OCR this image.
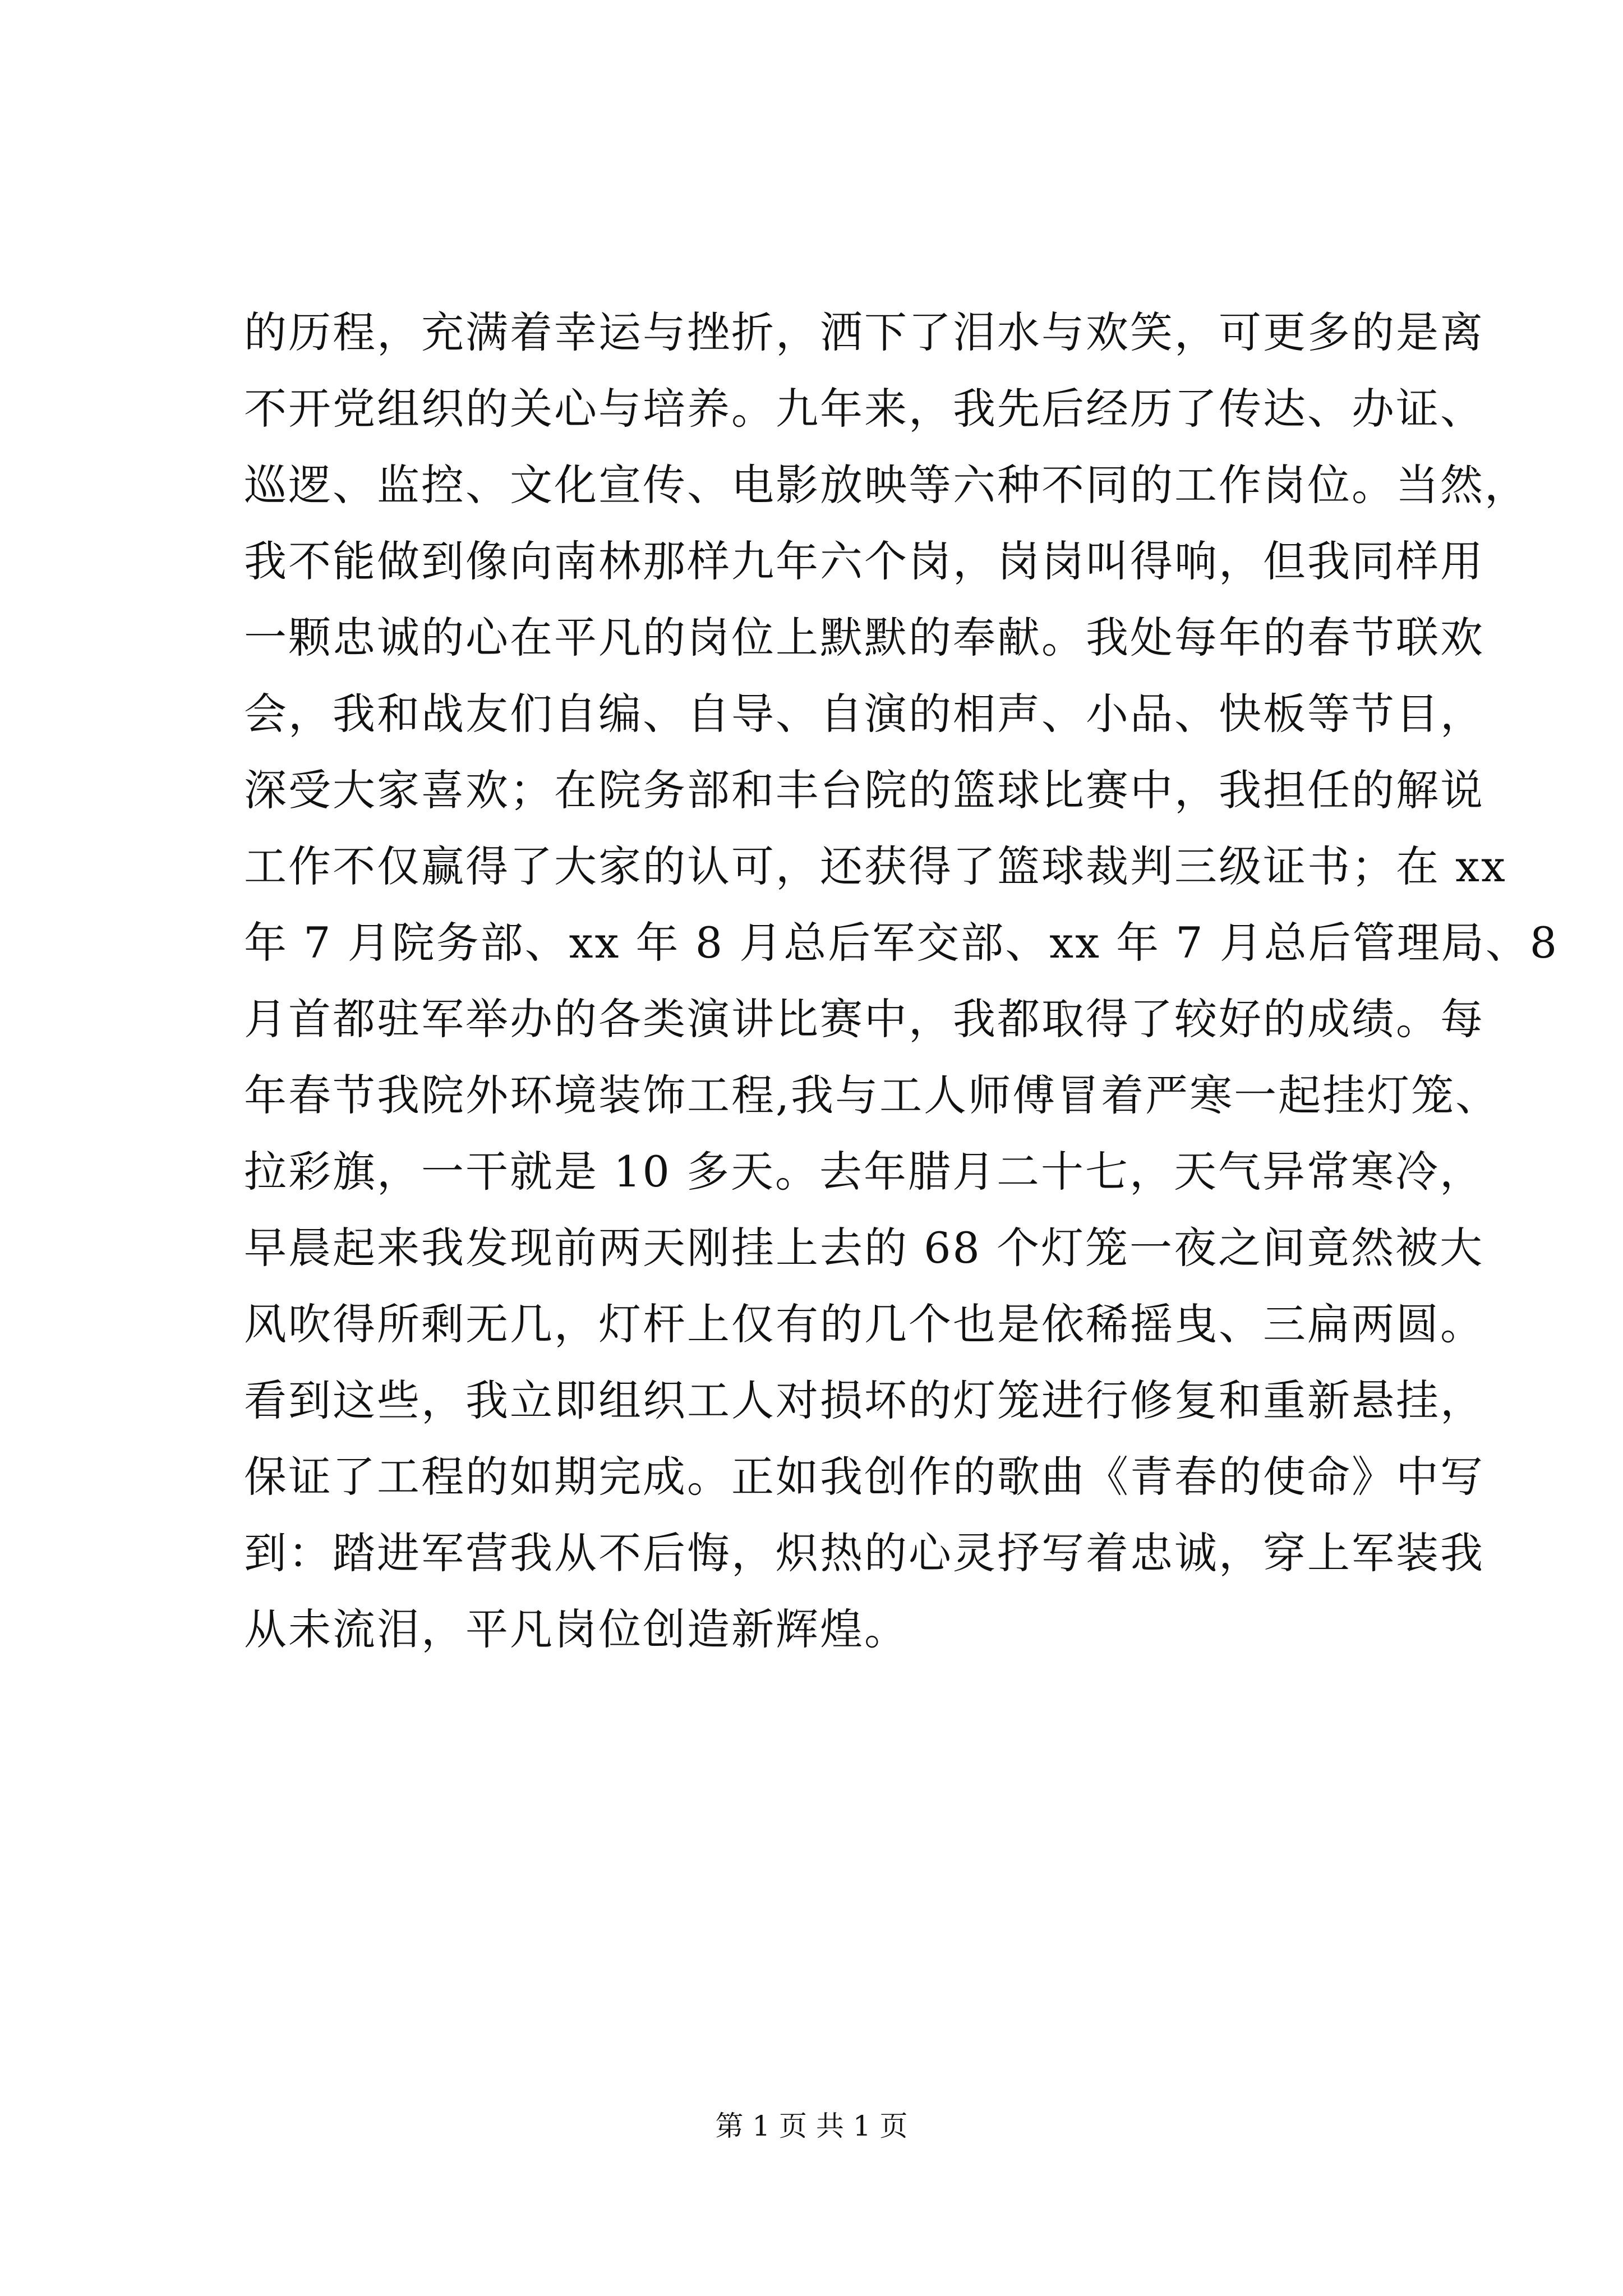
的历程，充满着幸运与挫折，洒下了泪水与欢笑，可更多的是离
不开党组织的关心与培养。九年来，我先后经历了传达、办证、
巡逻、监控、文化宣传、电影放映等六种不同的工作岗位。当然，
我不能做到像向南林那样九年六个岗，岗岗叫得响，但我同样用
一颗忠诚的心在平凡的岗位上默默的奉献。我处每年的春节联欢
会，我和战友们自编、自导、自演的相声、小品、快板等节目，
深受大家喜欢；在院务部和丰台院的篮球比赛中，我担任的解说
工作不仅赢得了大家的认可，还获得了篮球裁判三级证书；在 xx
年 7 月院务部、xx 年 8 月总后军交部、xx 年 7 月总后管理局、8
月首都驻军举办的各类演讲比赛中，我都取得了较好的成绩。每
年春节我院外环境装饰工程,我与工人师傅冒着严寒一起挂灯笼、
拉彩旗，一干就是 10 多天。去年腊月二十七，天气异常寒冷，
早晨起来我发现前两天刚挂上去的 68 个灯笼一夜之间竟然被大
风吹得所剩无几，灯杆上仅有的几个也是依稀摇曳、三扁两圆。
看到这些，我立即组织工人对损坏的灯笼进行修复和重新悬挂，
保证了工程的如期完成。正如我创作的歌曲《青春的使命》中写
到：踏进军营我从不后悔，炽热的心灵抒写着忠诚，穿上军装我
从未流泪，平凡岗位创造新辉煌。
第 1 页 共 1 页
